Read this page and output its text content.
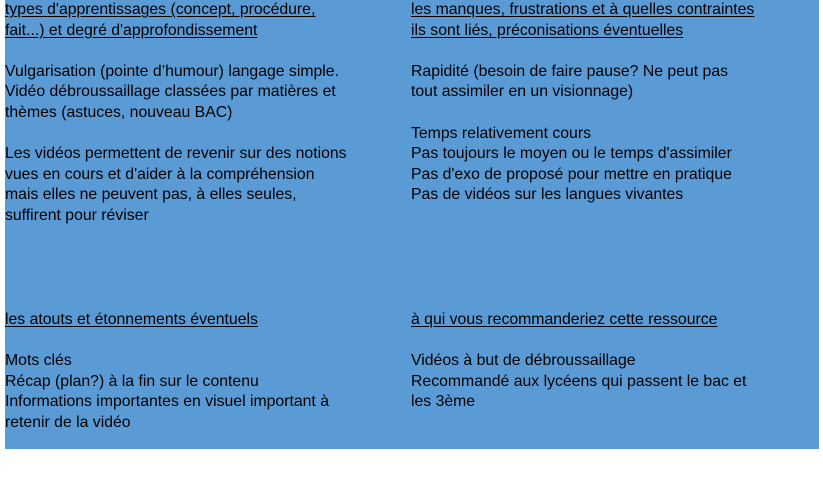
types d'apprentissages (concept, procédure,
fait...) et degré d'approfondissement

Vulgarisation (pointe d’humour) langage simple.
Vidéo débroussaillage classées par matières et
thèmes (astuces, nouveau BAC)

Les vidéos permettent de revenir sur des notions
vues en cours et d'aider à la compréhension
mais elles ne peuvent pas, à elles seules,
suffirent pour réviser

les manques, frustrations et à quelles contraintes
ils sont liés, préconisations éventuelles

Rapidité (besoin de faire pause? Ne peut pas
tout assimiler en un visionnage)

Temps relativement cours
Pas toujours le moyen ou le temps d'assimiler
Pas d'exo de proposé pour mettre en pratique
Pas de vidéos sur les langues vivantes

les atouts et étonnements éventuels

Mots clés
Récap (plan?) à la fin sur le contenu
Informations importantes en visuel important à
retenir de la vidéo

à qui vous recommanderiez cette ressource

Vidéos à but de débroussaillage
Recommandé aux lycéens qui passent le bac et
les 3ème
